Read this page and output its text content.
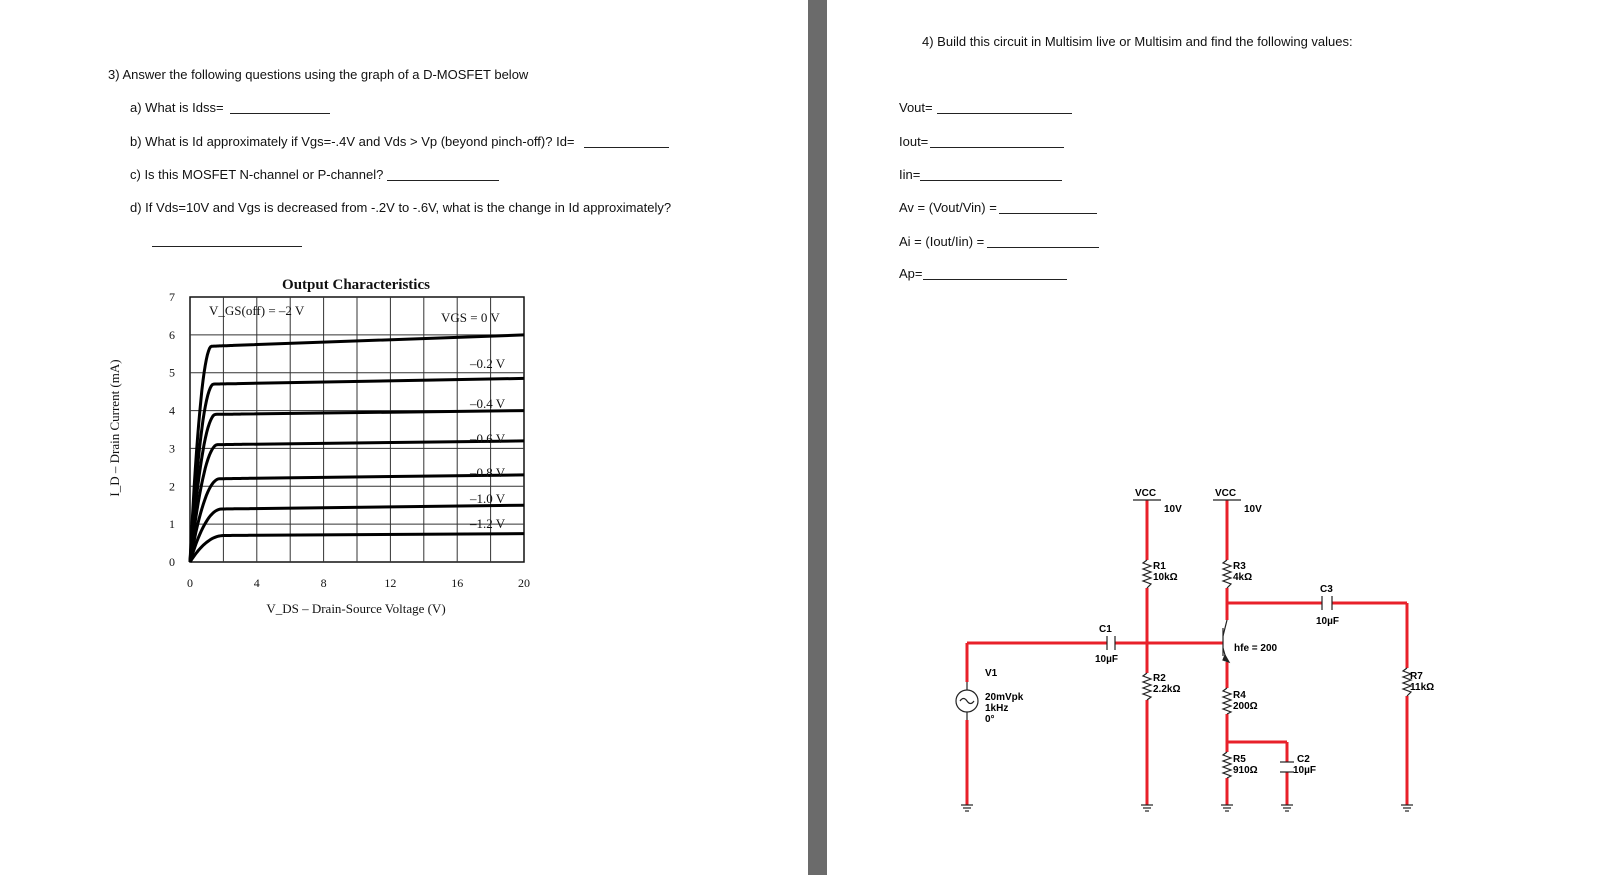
3) Answer the following questions using the graph of a D-MOSFET below
a) What is Idss=
b) What is Id approximately if Vgs=-.4V and Vds > Vp (beyond pinch-off)? Id=
c) Is this MOSFET N-channel or P-channel?
d) If Vds=10V and Vgs is decreased from -.2V to -.6V, what is the change in Id approximately?
Output Characteristics
0
1
2
3
4
5
6
7
0	4	8	12	16	20
VGS = 0 V
–0.2 V
–0.4 V
–0.6 V
–0.8 V
–1.0 V
–1.2 V
V_GS(off) = –2 V
V_DS – Drain-Source Voltage (V)
I_D – Drain Current (mA)
4) Build this circuit in Multisim live or Multisim and find the following values:
Vout=
Iout=
Iin=
Av = (Vout/Vin) =
Ai = (Iout/Iin) =
Ap=
VCC
10V
VCC
10V
R1
10kΩ
R3
4kΩ
C3
10µF
C1
10µF
hfe = 200
V1
20mVpk
1kHz
0°
R2
2.2kΩ
R4
200Ω
R5
910Ω
C2
10µF
R7
11kΩ
